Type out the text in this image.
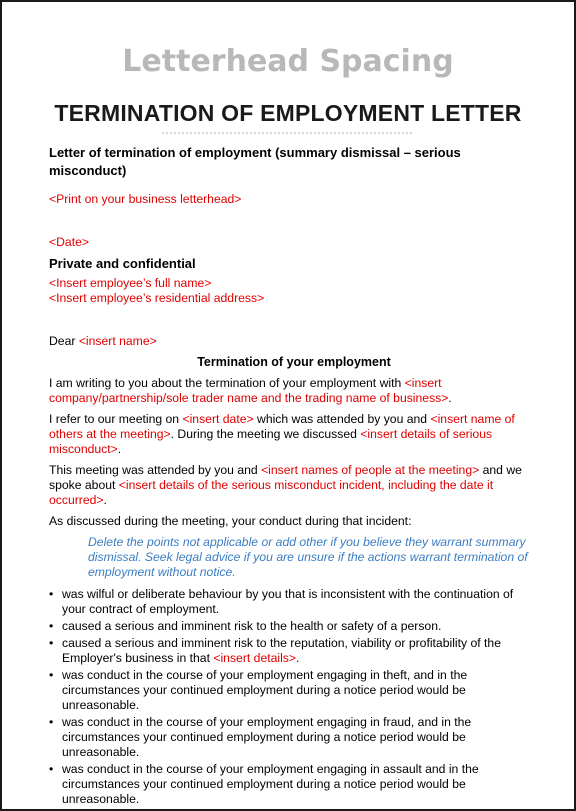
Letterhead Spacing
TERMINATION OF EMPLOYMENT LETTER

Letter of termination of employment (summary dismissal – serious misconduct)

<Print on your business letterhead>

<Date>

Private and confidential

<Insert employee’s full name>

<Insert employee’s residential address>

Dear <insert name>

Termination of your employment

I am writing to you about the termination of your employment with <insert company/partnership/sole trader name and the trading name of business>.

I refer to our meeting on <insert date> which was attended by you and <insert name of others at the meeting>. During the meeting we discussed <insert details of serious misconduct>.

This meeting was attended by you and <insert names of people at the meeting> and we spoke about <insert details of the serious misconduct incident, including the date it occurred>.

As discussed during the meeting, your conduct during that incident:

Delete the points not applicable or add other if you believe they warrant summary dismissal. Seek legal advice if you are unsure if the actions warrant termination of employment without notice.

• was wilful or deliberate behaviour by you that is inconsistent with the continuation of your contract of employment.
• caused a serious and imminent risk to the health or safety of a person.
• caused a serious and imminent risk to the reputation, viability or profitability of the Employer's business in that <insert details>.
• was conduct in the course of your employment engaging in theft, and in the circumstances your continued employment during a notice period would be unreasonable.
• was conduct in the course of your employment engaging in fraud, and in the circumstances your continued employment during a notice period would be unreasonable.
• was conduct in the course of your employment engaging in assault and in the circumstances your continued employment during a notice period would be unreasonable.
